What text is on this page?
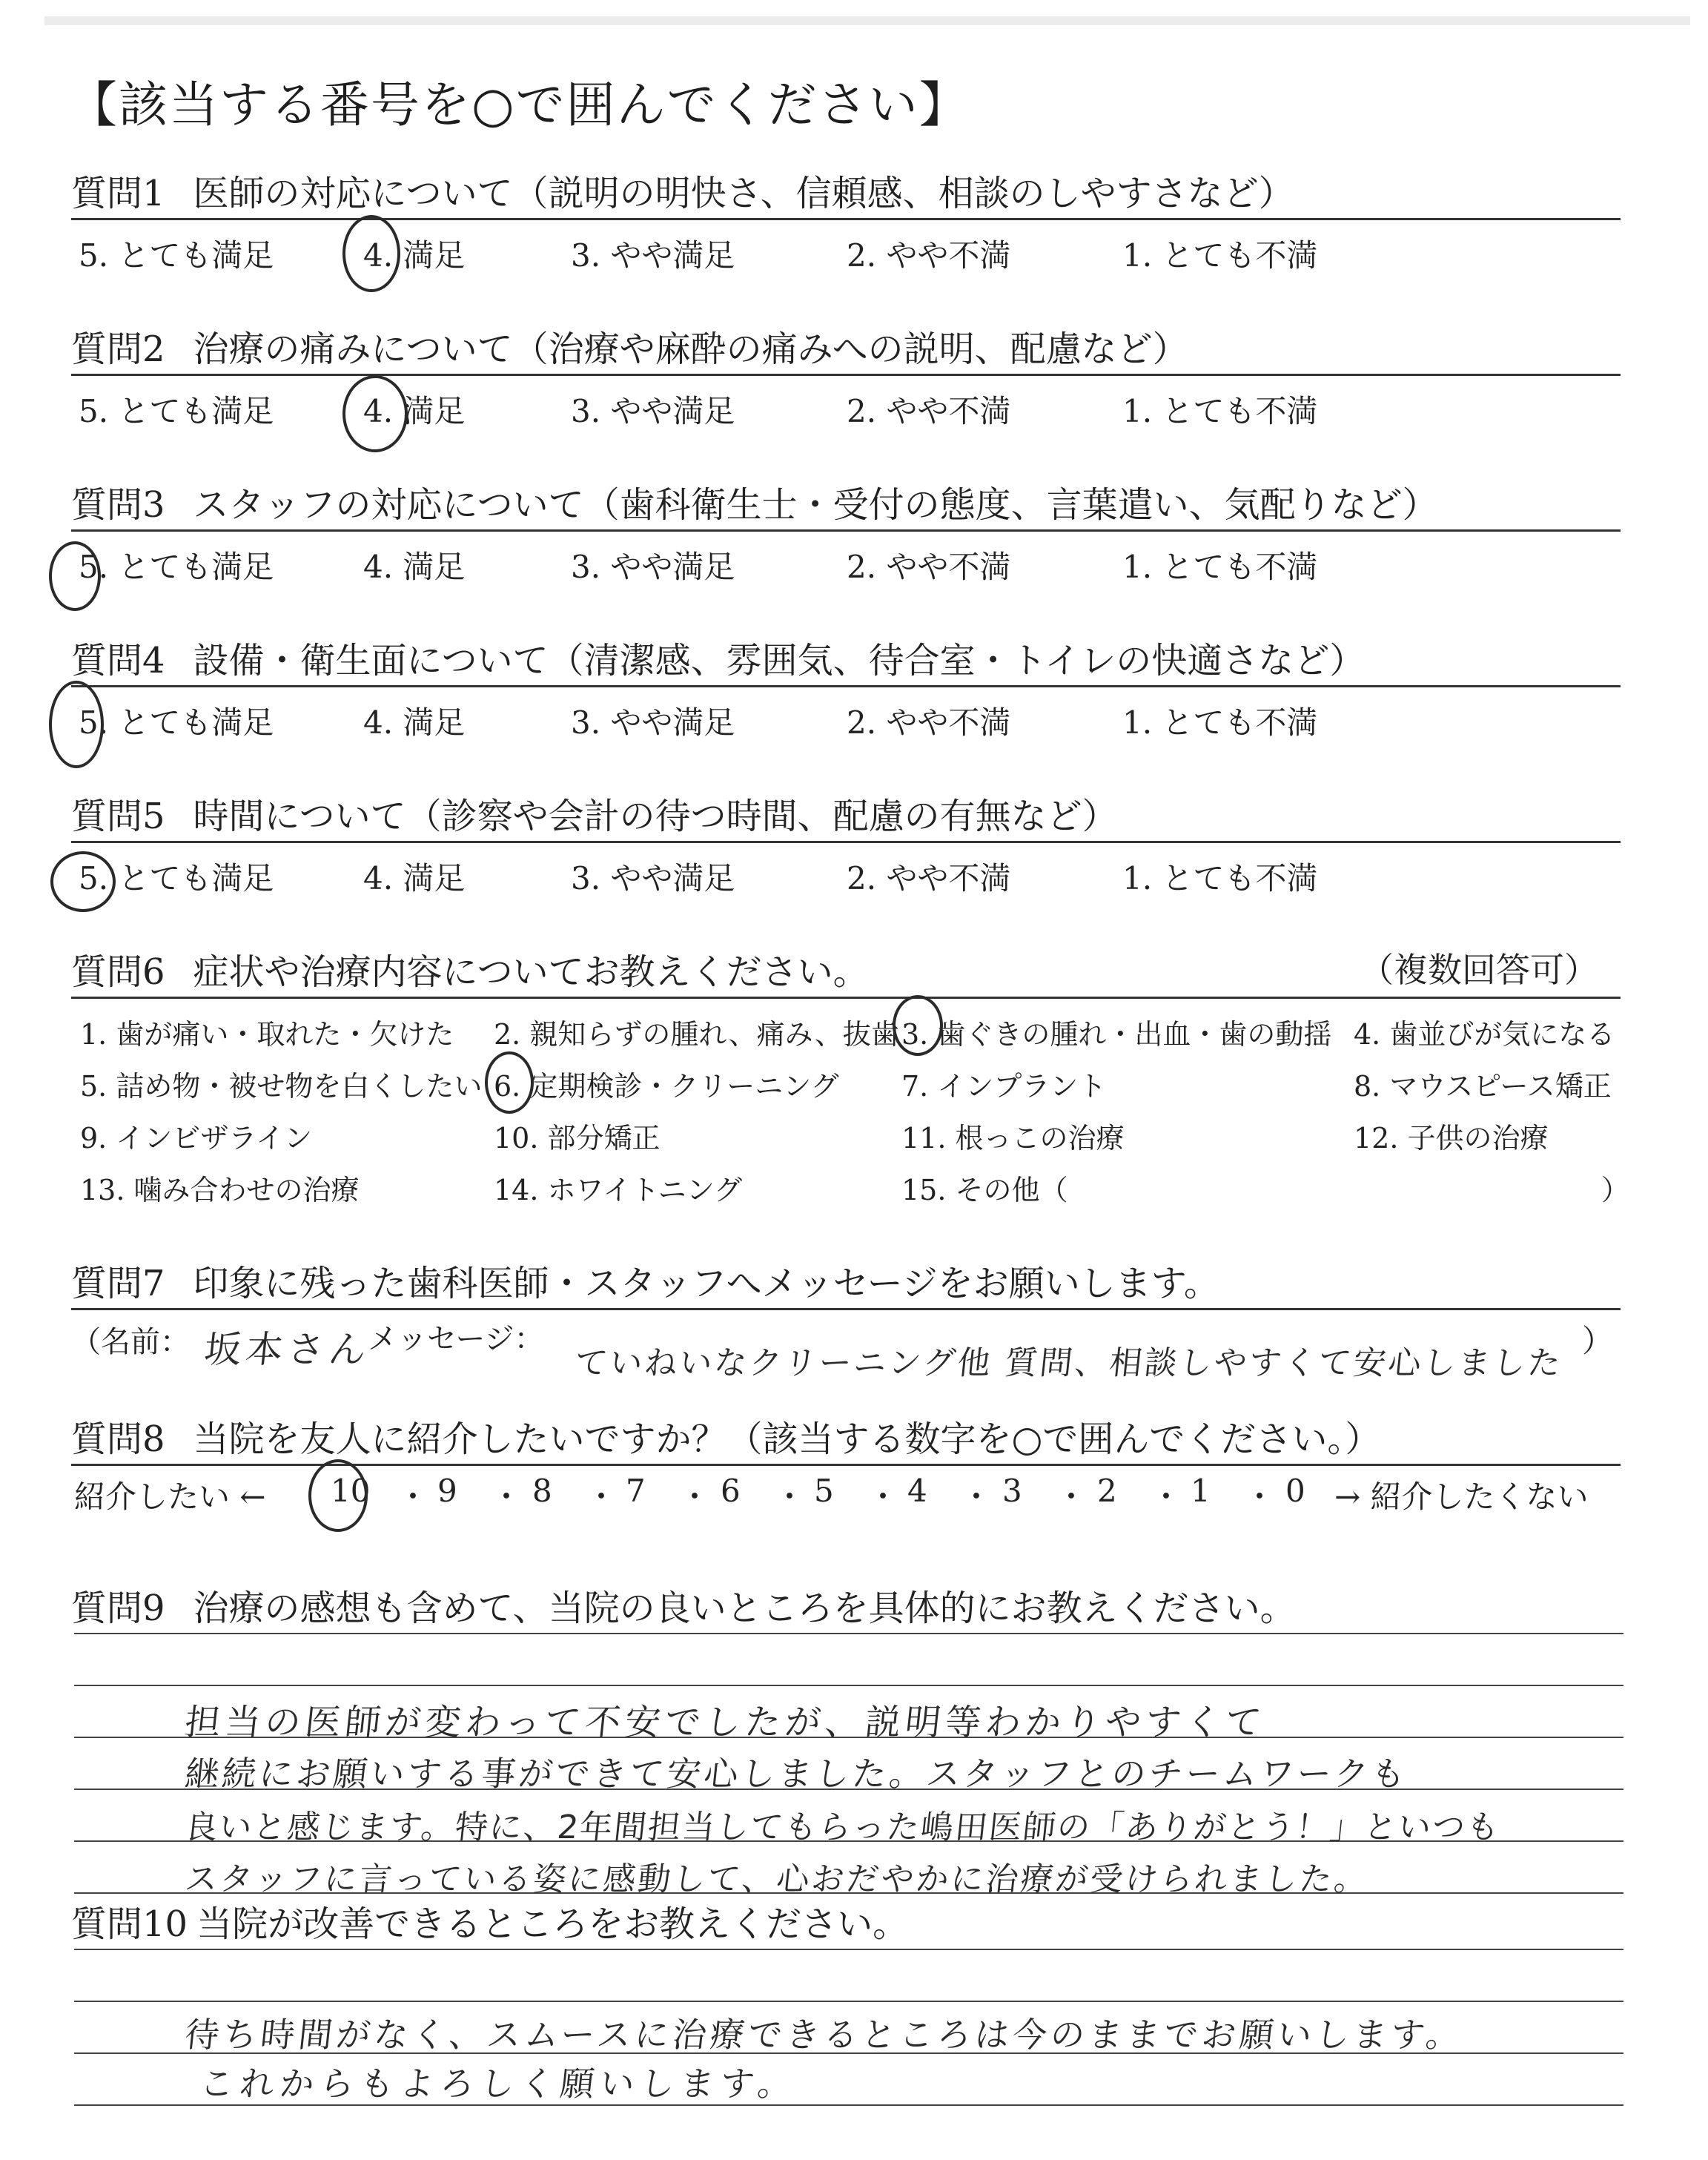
【該当する番号を○で囲んでください】
質問1 医師の対応について（説明の明快さ、信頼感、相談のしやすさなど）
5. とても満足	4. 満足	3. やや満足	2. やや不満	1. とても不満
質問2 治療の痛みについて（治療や麻酔の痛みへの説明、配慮など）
5. とても満足	4. 満足	3. やや満足	2. やや不満	1. とても不満
質問3 スタッフの対応について（歯科衛生士・受付の態度、言葉遣い、気配りなど）
5. とても満足	4. 満足	3. やや満足	2. やや不満	1. とても不満
質問4 設備・衛生面について（清潔感、雰囲気、待合室・トイレの快適さなど）
5. とても満足	4. 満足	3. やや満足	2. やや不満	1. とても不満
質問5 時間について（診察や会計の待つ時間、配慮の有無など）
5. とても満足	4. 満足	3. やや満足	2. やや不満	1. とても不満
質問6 症状や治療内容についてお教えください。	（複数回答可）
1. 歯が痛い・取れた・欠けた 2. 親知らずの腫れ、痛み、抜歯 3. 歯ぐきの腫れ・出血・歯の動揺 4. 歯並びが気になる
5. 詰め物・被せ物を白くしたい 6. 定期検診・クリーニング 7. インプラント	8. マウスピース矯正
9. インビザライン	10. 部分矯正	11. 根っこの治療	12. 子供の治療
13. 噛み合わせの治療	14. ホワイトニング	15. その他（	）
質問7 印象に残った歯科医師・スタッフへメッセージをお願いします。
（名前： 坂本さん
メッセージ：
ていねいなクリーニング他 質問、相談しやすくて安心しました
）
質問8 当院を友人に紹介したいですか？（該当する数字を○で囲んでください。）
紹介したい ← 10 ・ 9 ・ 8 ・ 7 ・ 6 ・ 5 ・ 4 ・ 3 ・ 2 ・ 1 ・ 0 → 紹介したくない
質問9 治療の感想も含めて、当院の良いところを具体的にお教えください。
担当の医師が変わって不安でしたが、説明等わかりやすくて
継続にお願いする事ができて安心しました。スタッフとのチームワークも
良いと感じます。特に、2年間担当してもらった嶋田医師の「ありがとう！」といつも
スタッフに言っている姿に感動して、心おだやかに治療が受けられました。
質問10 当院が改善できるところをお教えください。
待ち時間がなく、スムースに治療できるところは今のままでお願いします。
これからもよろしく願いします。
